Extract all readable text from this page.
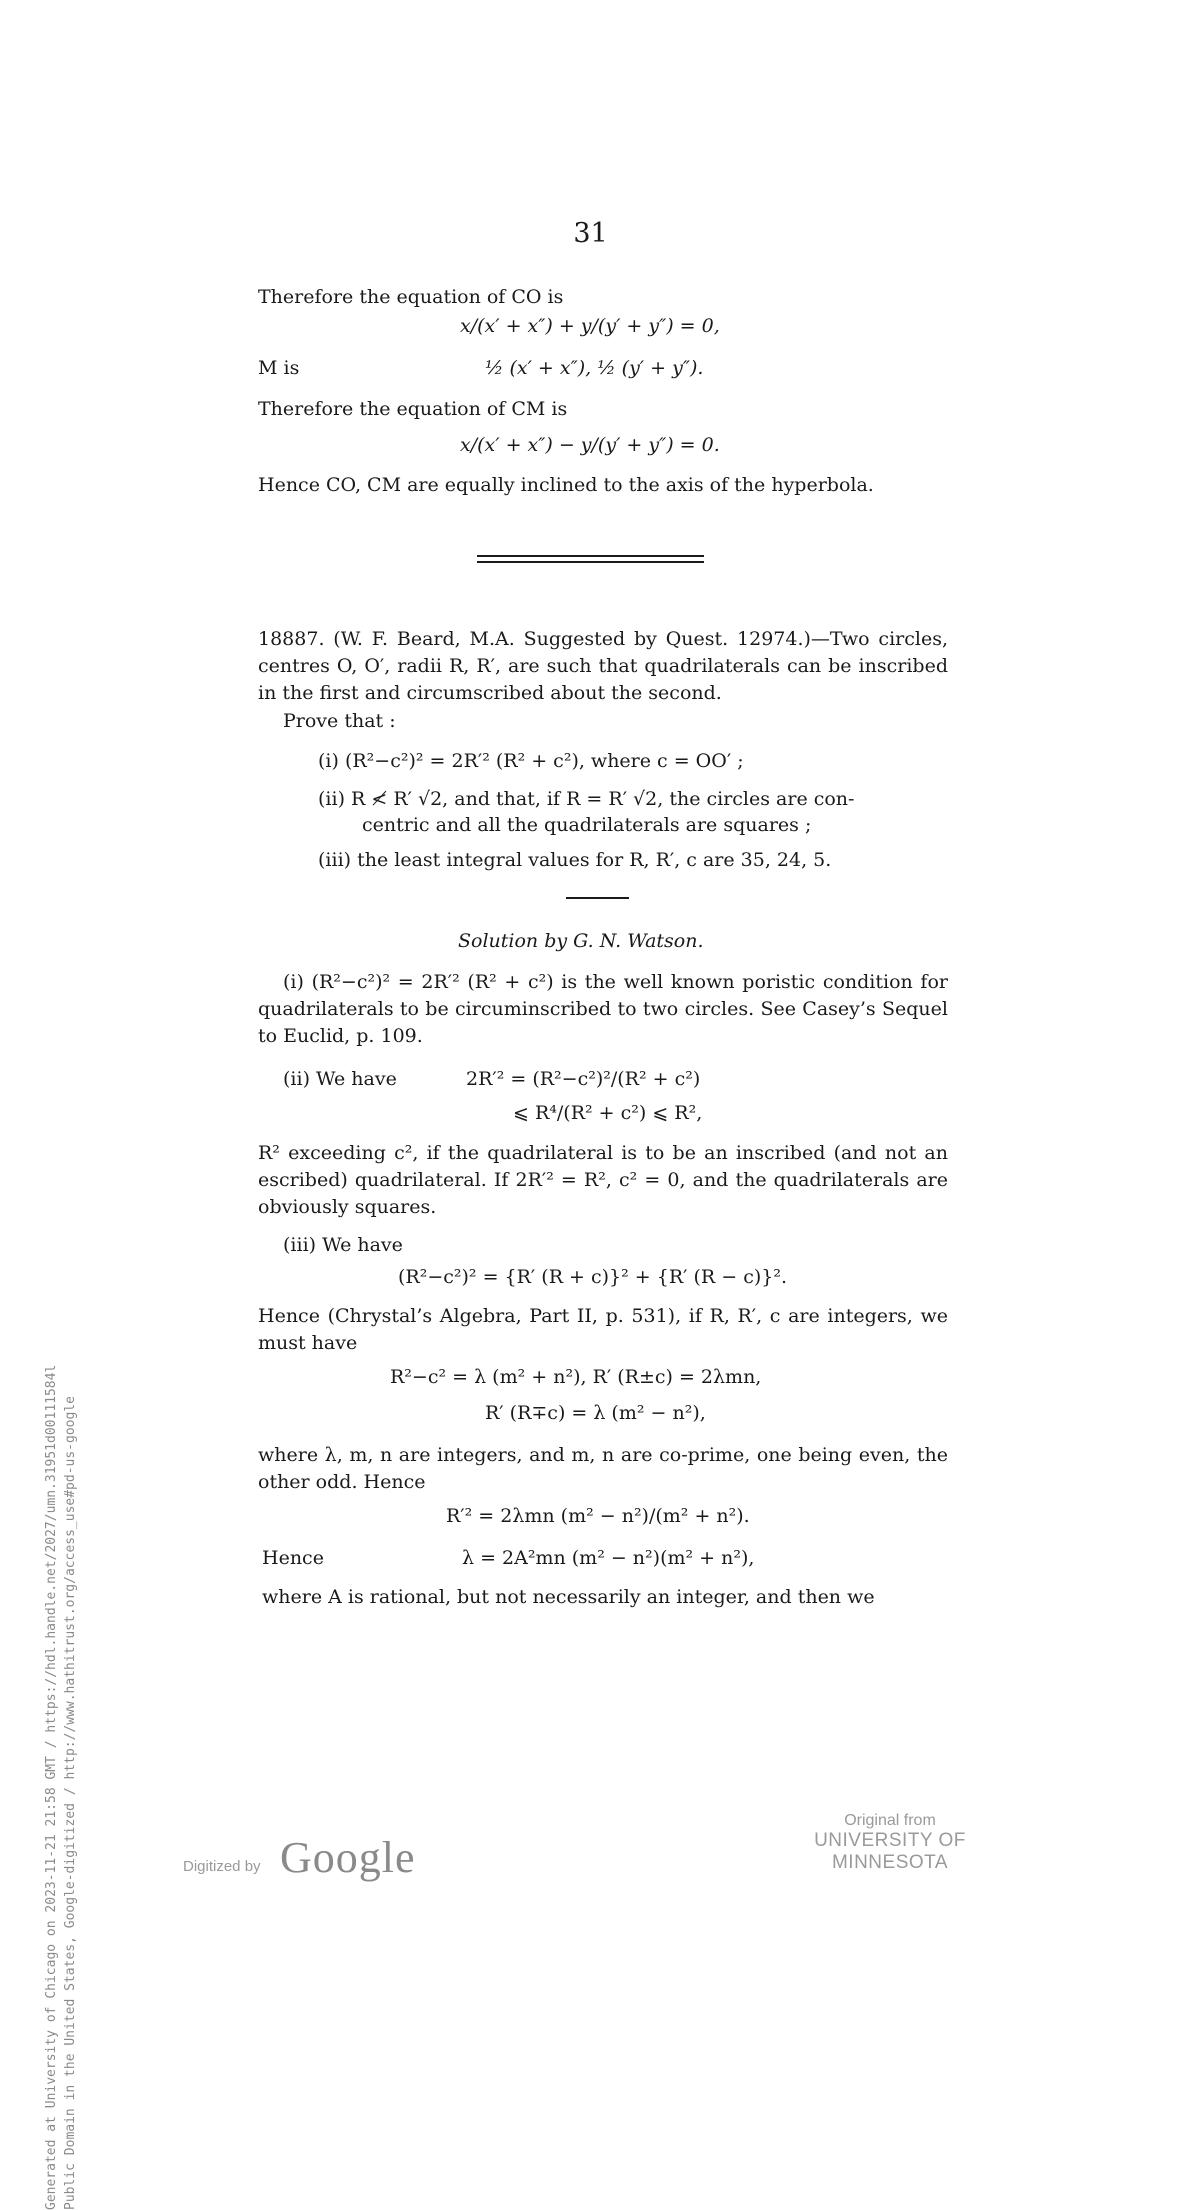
31
Therefore the equation of CO is
x/(x′ + x″) + y/(y′ + y″) = 0,
M is	½ (x′ + x″), ½ (y′ + y″).
Therefore the equation of CM is
x/(x′ + x″) − y/(y′ + y″) = 0.
Hence CO, CM are equally inclined to the axis of the hyperbola.
18887. (W. F. Beard, M.A. Suggested by Quest. 12974.)—Two circles, centres O, O′, radii R, R′, are such that quadrilaterals can be inscribed in the first and circumscribed about the second.
Prove that :
(i) (R²−c²)² = 2R′² (R² + c²), where c = OO′ ;
(ii) R ≮ R′ √2, and that, if R = R′ √2, the circles are con-
centric and all the quadrilaterals are squares ;
(iii) the least integral values for R, R′, c are 35, 24, 5.
Solution by G. N. Watson.
(i) (R²−c²)² = 2R′² (R² + c²) is the well known poristic condition for quadrilaterals to be circuminscribed to two circles. See Casey’s Sequel to Euclid, p. 109.
(ii) We have	2R′² = (R²−c²)²/(R² + c²)
⩽ R⁴/(R² + c²) ⩽ R²,
R² exceeding c², if the quadrilateral is to be an inscribed (and not an escribed) quadrilateral. If 2R′² = R², c² = 0, and the quadrilaterals are obviously squares.
(iii) We have
(R²−c²)² = {R′ (R + c)}² + {R′ (R − c)}².
Hence (Chrystal’s Algebra, Part II, p. 531), if R, R′, c are integers, we must have
R²−c² = λ (m² + n²), R′ (R±c) = 2λmn,
R′ (R∓c) = λ (m² − n²),
where λ, m, n are integers, and m, n are co-prime, one being even, the other odd. Hence
R′² = 2λmn (m² − n²)/(m² + n²).
Hence	λ = 2A²mn (m² − n²)(m² + n²),
where A is rational, but not necessarily an integer, and then we
Generated at University of Chicago on 2023-11-21 21:58 GMT / https://hdl.handle.net/2027/umn.31951d00111584l Public Domain in the United States, Google-digitized / http://www.hathitrust.org/access_use#pd-us-google	Digitized by Google
Original from
UNIVERSITY OF MINNESOTA
